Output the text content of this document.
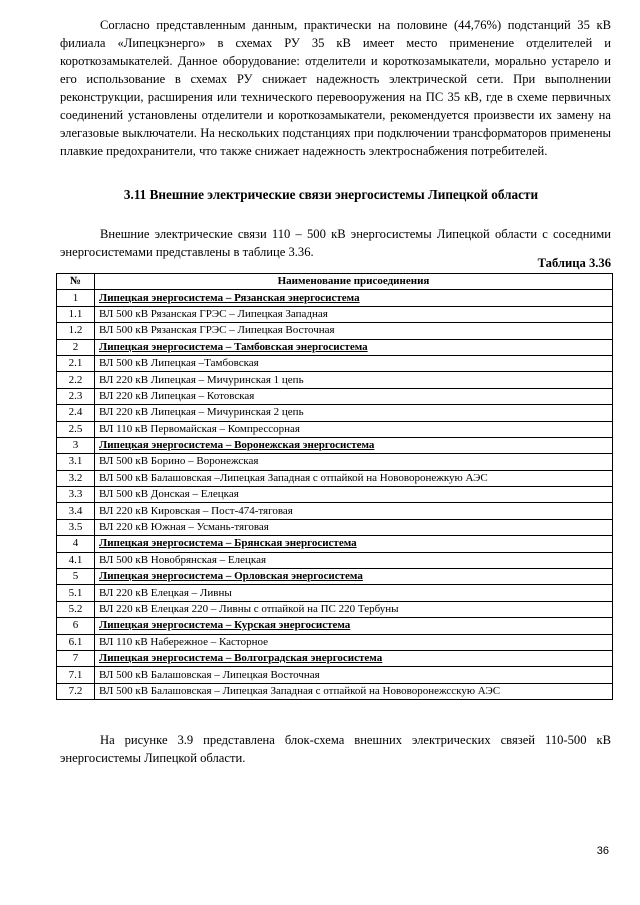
Согласно представленным данным, практически на половине (44,76%) подстанций 35 кВ филиала «Липецкэнерго» в схемах РУ 35 кВ имеет место применение отделителей и короткозамыкателей. Данное оборудование: отделители и короткозамыкатели, морально устарело и его использование в схемах РУ снижает надежность электрической сети. При выполнении реконструкции, расширения или технического перевооружения на ПС 35 кВ, где в схеме первичных соединений установлены отделители и короткозамыкатели, рекомендуется произвести их замену на элегазовые выключатели. На нескольких подстанциях при подключении трансформаторов применены плавкие предохранители, что также снижает надежность электроснабжения потребителей.

3.11 Внешние электрические связи энергосистемы Липецкой области

Внешние электрические связи 110 – 500 кВ энергосистемы Липецкой области с соседними энергосистемами представлены в таблице 3.36.

Таблица 3.36
№	Наименование присоединения
1	Липецкая энергосистема – Рязанская энергосистема
1.1	ВЛ 500 кВ Рязанская ГРЭС – Липецкая Западная
1.2	ВЛ 500 кВ Рязанская ГРЭС – Липецкая Восточная
2	Липецкая энергосистема – Тамбовская энергосистема
2.1	ВЛ 500 кВ Липецкая –Тамбовская
2.2	ВЛ 220 кВ Липецкая – Мичуринская 1 цепь
2.3	ВЛ 220 кВ Липецкая – Котовская
2.4	ВЛ 220 кВ Липецкая – Мичуринская 2 цепь
2.5	ВЛ 110 кВ Первомайская – Компрессорная
3	Липецкая энергосистема – Воронежская энергосистема
3.1	ВЛ 500 кВ Борино – Воронежская
3.2	ВЛ 500 кВ Балашовская –Липецкая Западная с отпайкой на Нововоронежкую АЭС
3.3	ВЛ 500 кВ Донская – Елецкая
3.4	ВЛ 220 кВ Кировская – Пост-474-тяговая
3.5	ВЛ 220 кВ Южная – Усмань-тяговая
4	Липецкая энергосистема – Брянская энергосистема
4.1	ВЛ 500 кВ Новобрянская – Елецкая
5	Липецкая энергосистема – Орловская энергосистема
5.1	ВЛ 220 кВ Елецкая – Ливны
5.2	ВЛ 220 кВ Елецкая 220 – Ливны с отпайкой на ПС 220 Тербуны
6	Липецкая энергосистема – Курская энергосистема
6.1	ВЛ 110 кВ Набережное – Касторное
7	Липецкая энергосистема – Волгоградская энергосистема
7.1	ВЛ 500 кВ Балашовская – Липецкая Восточная
7.2	ВЛ 500 кВ Балашовская – Липецкая Западная с отпайкой на Нововоронежсскую АЭС

На рисунке 3.9 представлена блок-схема внешних электрических связей 110-500 кВ энергосистемы Липецкой области.

36
